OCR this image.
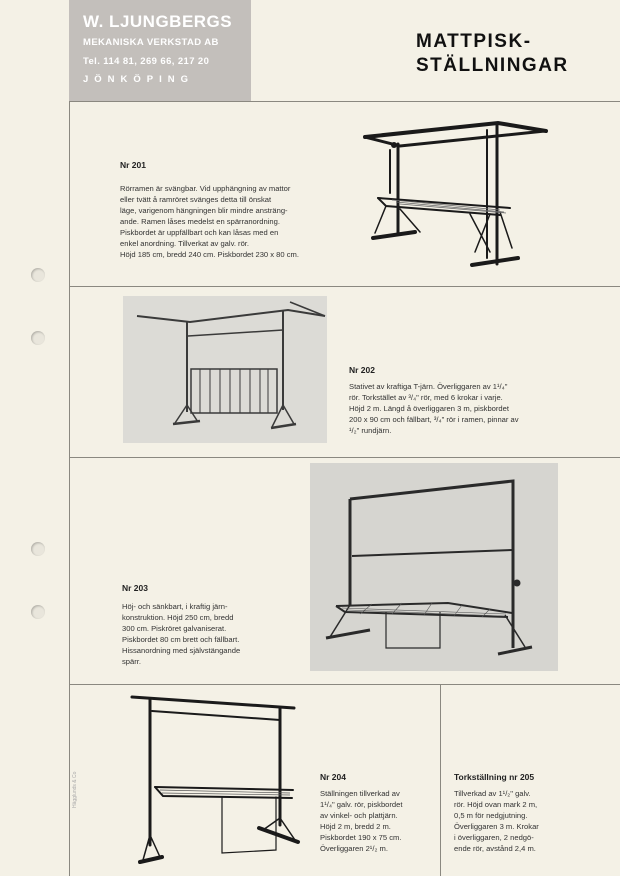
W. LJUNGBERGS
MEKANISKA VERKSTAD AB
Tel. 114 81, 269 66, 217 20
JÖNKÖPING
MATTPISK-
STÄLLNINGAR
Nr 201
Rörramen är svängbar. Vid upphängning av mattor
eller tvätt å ramröret svänges detta till önskat
läge, varigenom hängningen blir mindre ansträng-
ande. Ramen låses medelst en spärranordning.
Piskbordet är uppfällbart och kan låsas med en
enkel anordning. Tillverkat av galv. rör.
Höjd 185 cm, bredd 240 cm. Piskbordet 230 x 80 cm.
Nr 202
Stativet av kraftiga T-järn. Överliggaren av 1¹/₄"
rör. Torkstället av ³/₄" rör, med 6 krokar i varje.
Höjd 2 m. Längd å överliggaren 3 m, piskbordet
200 x 90 cm och fällbart, ³/₄" rör i ramen, pinnar av
¹/₂" rundjärn.
Nr 203
Höj- och sänkbart, i kraftig järn-
konstruktion. Höjd 250 cm, bredd
300 cm. Piskröret galvaniserat.
Piskbordet 80 cm brett och fällbart.
Hissanordning med självstängande
spärr.
Nr 204
Ställningen tillverkad av
1¹/₄" galv. rör, piskbordet
av vinkel- och plattjärn.
Höjd 2 m, bredd 2 m.
Piskbordet 190 x 75 cm.
Överliggaren 2¹/₂ m.
Torkställning nr 205
Tillverkad av 1¹/₂" galv.
rör. Höjd ovan mark 2 m,
0,5 m för nedgjutning.
Överliggaren 3 m. Krokar
i överliggaren, 2 nedgö-
ende rör, avstånd 2,4 m.
Hägglunds & Co
